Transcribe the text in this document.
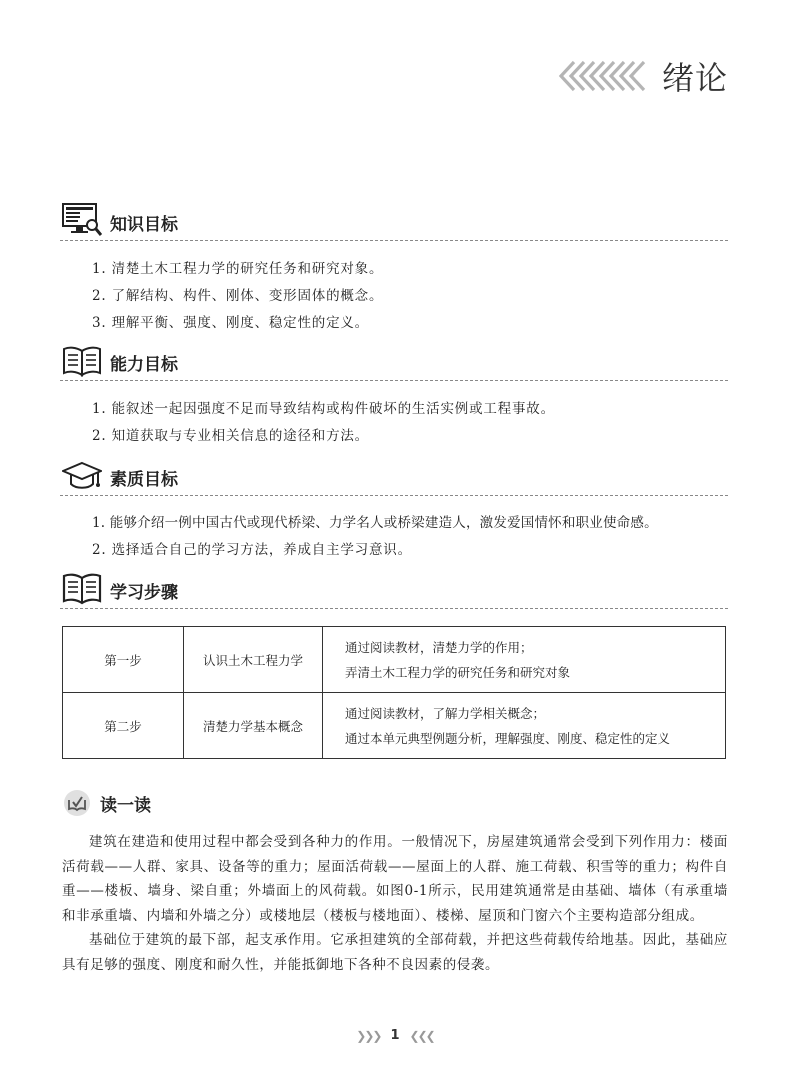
绪论
知识目标
1. 清楚土木工程力学的研究任务和研究对象。
2. 了解结构、构件、刚体、变形固体的概念。
3. 理解平衡、强度、刚度、稳定性的定义。
能力目标
1. 能叙述一起因强度不足而导致结构或构件破坏的生活实例或工程事故。
2. 知道获取与专业相关信息的途径和方法。
素质目标
1. 能够介绍一例中国古代或现代桥梁、力学名人或桥梁建造人，激发爱国情怀和职业使命感。
2. 选择适合自己的学习方法，养成自主学习意识。
学习步骤
第一步	认识土木工程力学	通过阅读教材，清楚力学的作用；
弄清土木工程力学的研究任务和研究对象

第二步	清楚力学基本概念	通过阅读教材，了解力学相关概念；
通过本单元典型例题分析，理解强度、刚度、稳定性的定义
读一读

建筑在建造和使用过程中都会受到各种力的作用。一般情况下，房屋建筑通常会受到下列作用力：楼面活荷载——人群、家具、设备等的重力；屋面活荷载——屋面上的人群、施工荷载、积雪等的重力；构件自重——楼板、墙身、梁自重；外墙面上的风荷载。如图0-1所示，民用建筑通常是由基础、墙体（有承重墙和非承重墙、内墙和外墙之分）或楼地层（楼板与楼地面）、楼梯、屋顶和门窗六个主要构造部分组成。

基础位于建筑的最下部，起支承作用。它承担建筑的全部荷载，并把这些荷载传给地基。因此，基础应具有足够的强度、刚度和耐久性，并能抵御地下各种不良因素的侵袭。

❯❯❯ 1 ❮❮❮
